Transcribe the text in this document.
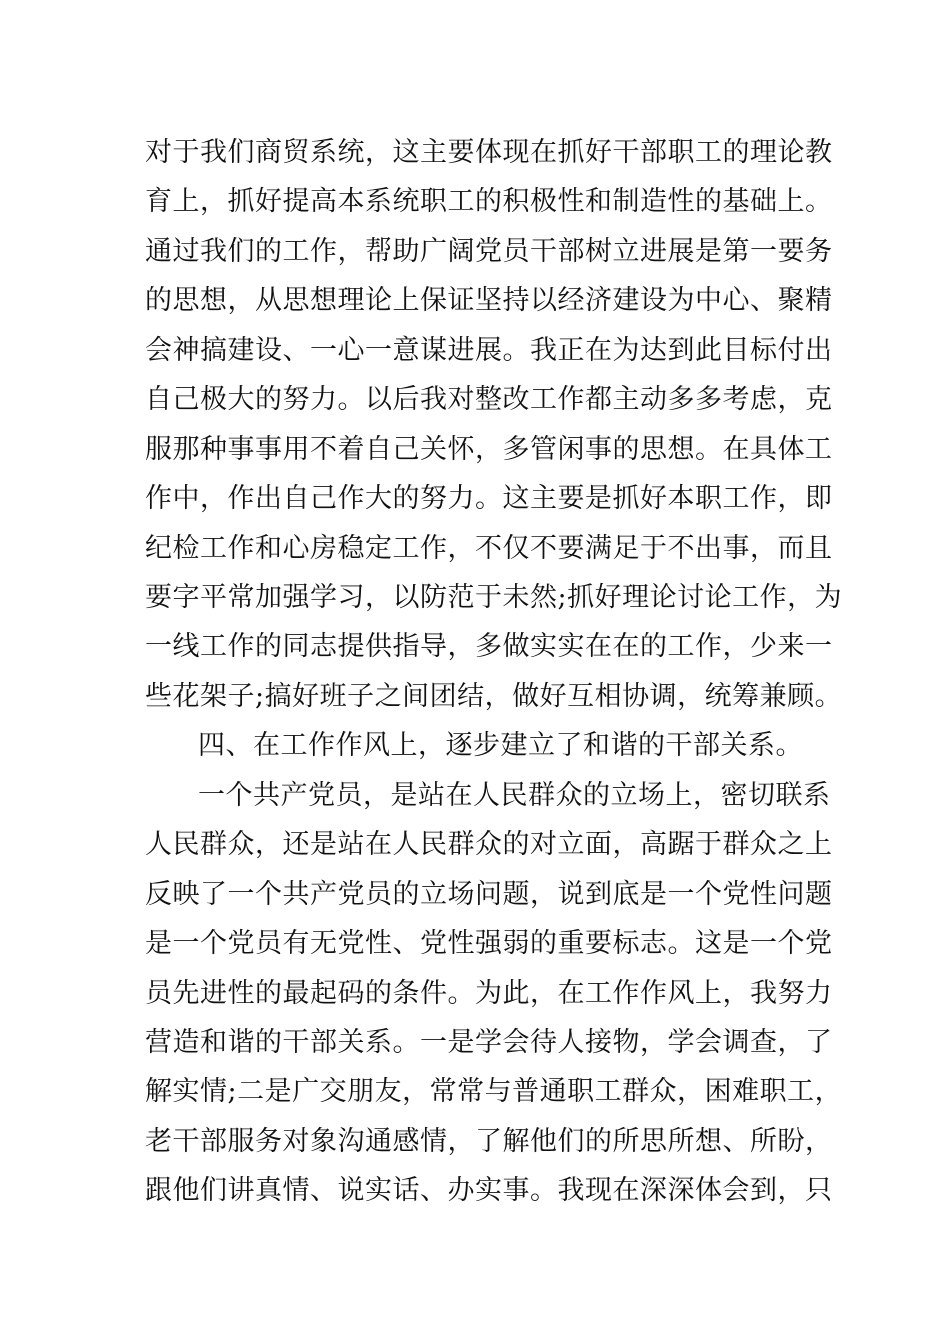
对于我们商贸系统，这主要体现在抓好干部职工的理论教
育上，抓好提高本系统职工的积极性和制造性的基础上。
通过我们的工作，帮助广阔党员干部树立进展是第一要务
的思想，从思想理论上保证坚持以经济建设为中心、聚精
会神搞建设、一心一意谋进展。我正在为达到此目标付出
自己极大的努力。以后我对整改工作都主动多多考虑，克
服那种事事用不着自己关怀，多管闲事的思想。在具体工
作中，作出自己作大的努力。这主要是抓好本职工作，即
纪检工作和心房稳定工作，不仅不要满足于不出事，而且
要字平常加强学习，以防范于未然;抓好理论讨论工作，为
一线工作的同志提供指导，多做实实在在的工作，少来一
些花架子;搞好班子之间团结，做好互相协调，统筹兼顾。
四、在工作作风上，逐步建立了和谐的干部关系。
一个共产党员，是站在人民群众的立场上，密切联系
人民群众，还是站在人民群众的对立面，高踞于群众之上
反映了一个共产党员的立场问题，说到底是一个党性问题
是一个党员有无党性、党性强弱的重要标志。这是一个党
员先进性的最起码的条件。为此，在工作作风上，我努力
营造和谐的干部关系。一是学会待人接物，学会调查，了
解实情;二是广交朋友，常常与普通职工群众，困难职工，
老干部服务对象沟通感情，了解他们的所思所想、所盼，
跟他们讲真情、说实话、办实事。我现在深深体会到，只
